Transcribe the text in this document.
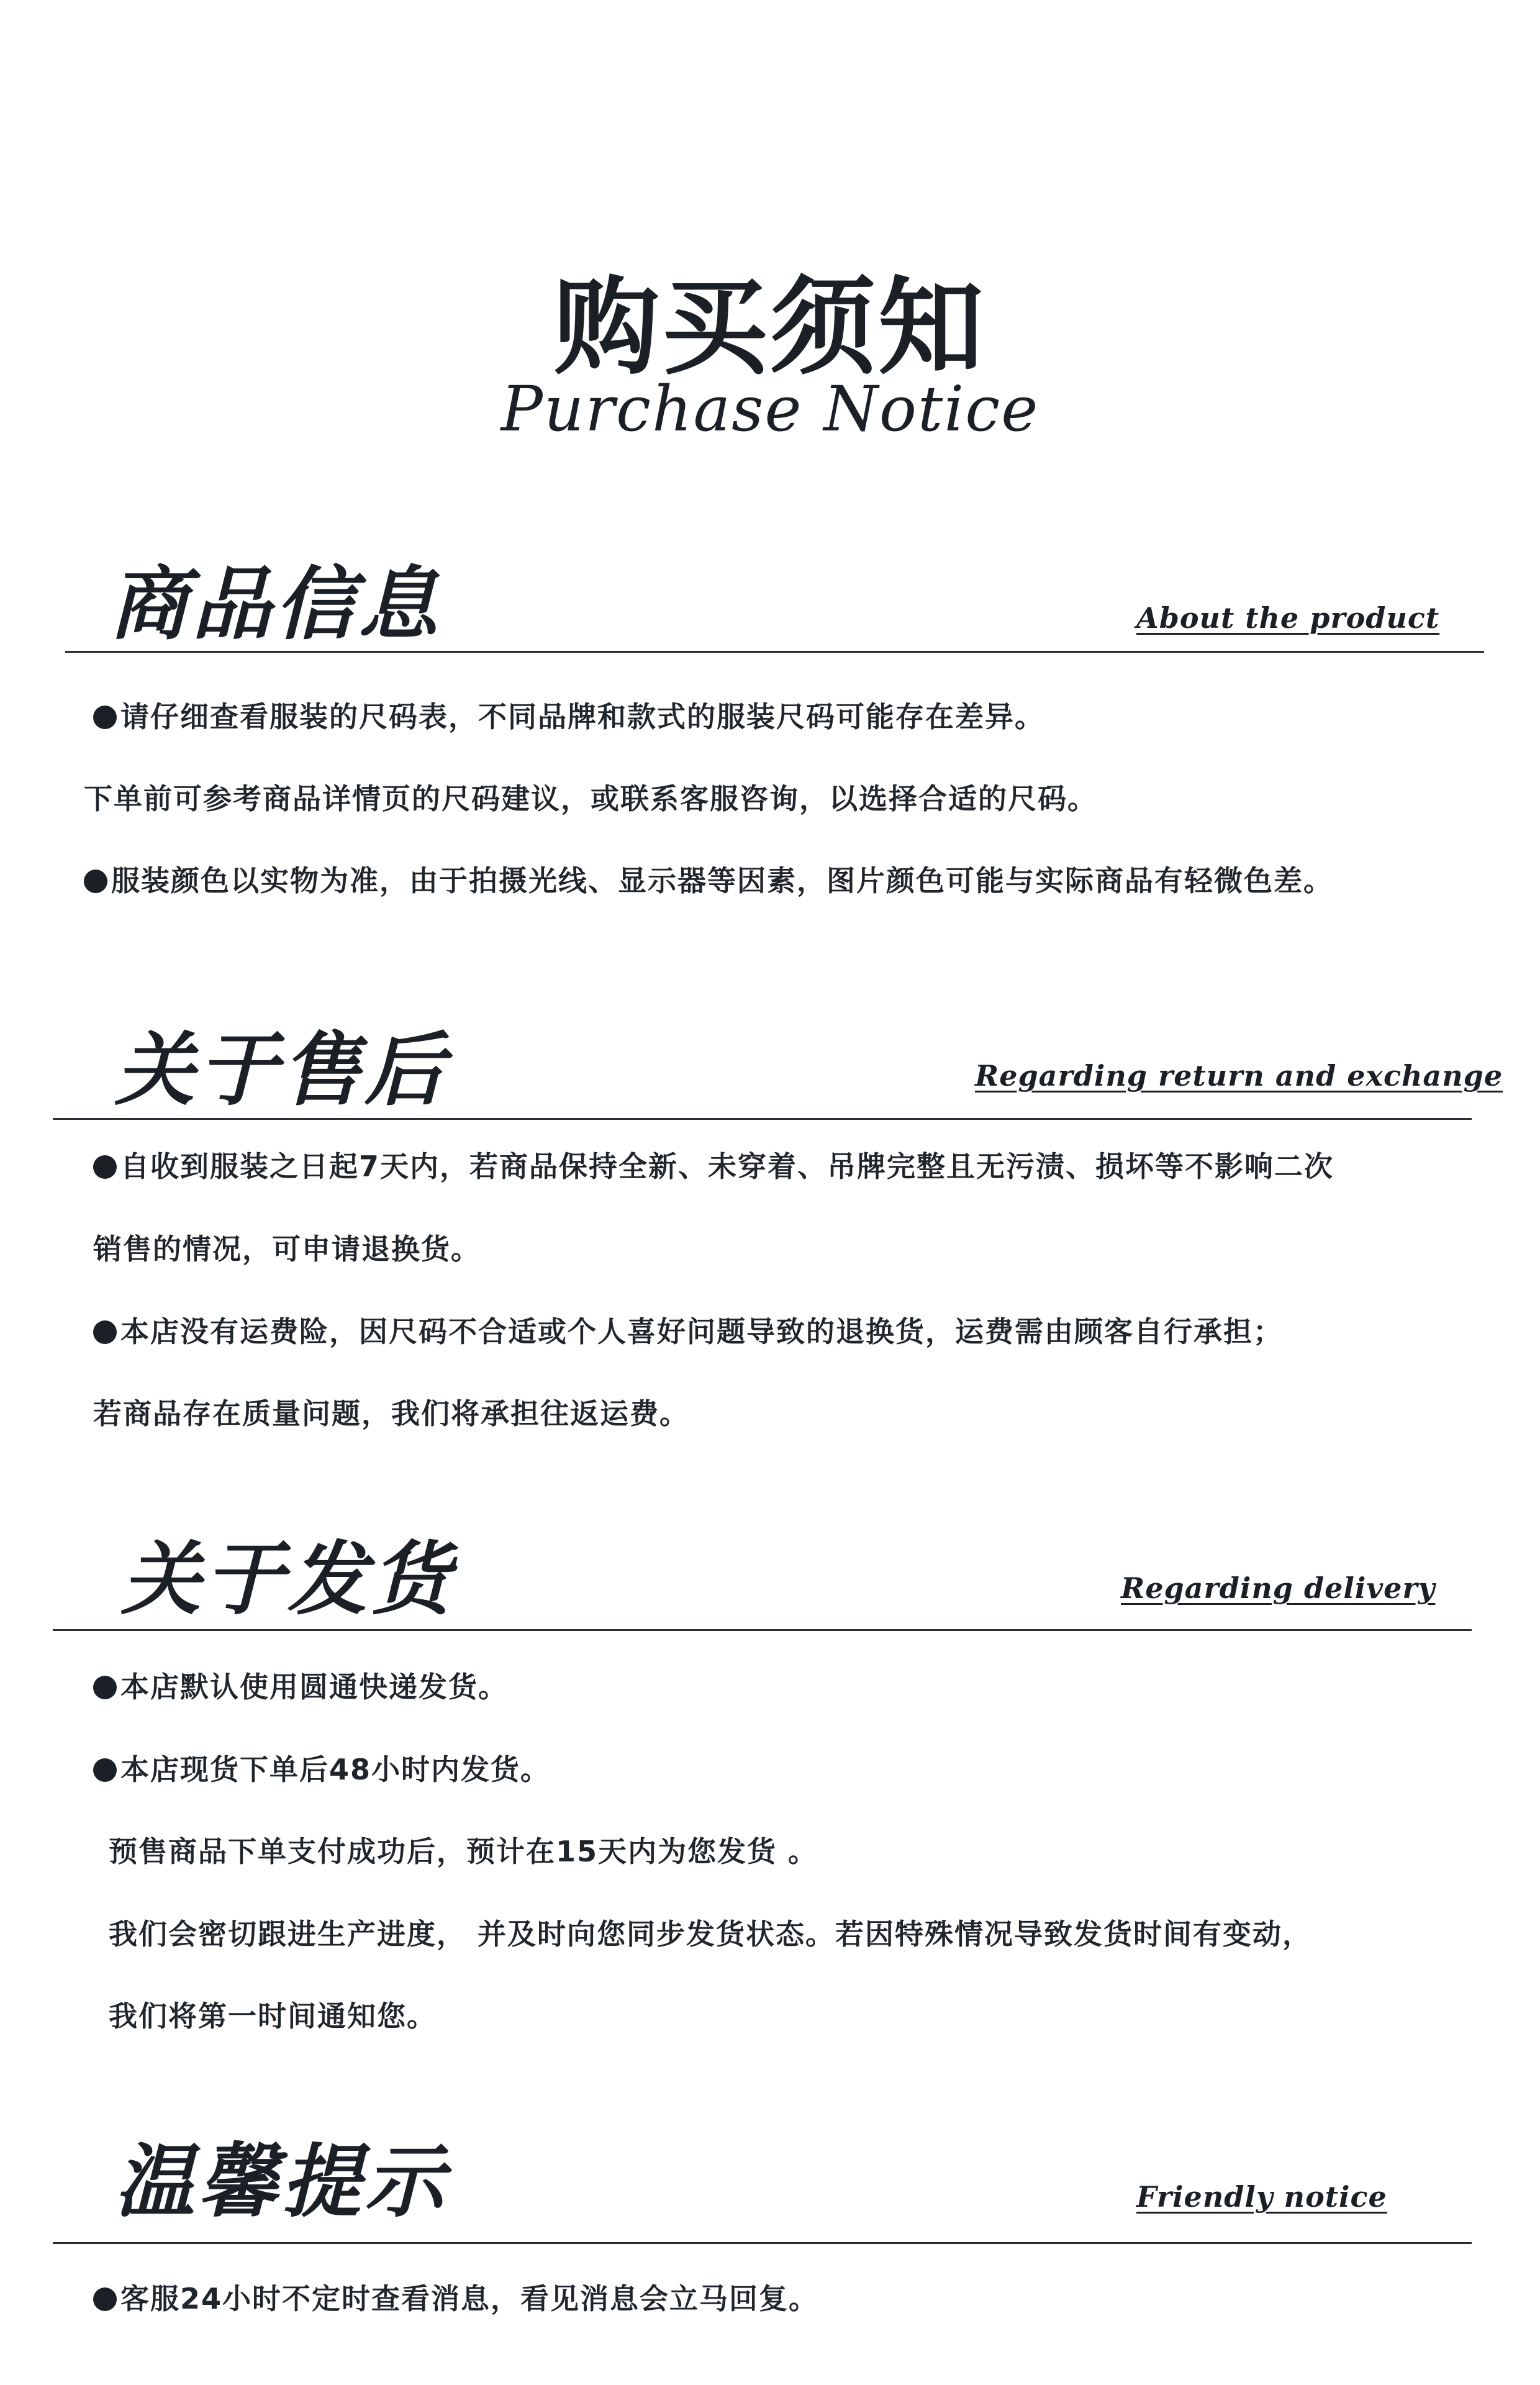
购买须知
Purchase Notice
商品信息	About the product
请仔细查看服装的尺码表，不同品牌和款式的服装尺码可能存在差异。
下单前可参考商品详情页的尺码建议，或联系客服咨询，以选择合适的尺码。
服装颜色以实物为准，由于拍摄光线、显示器等因素，图片颜色可能与实际商品有轻微色差。
关于售后	Regarding return and exchange
自收到服装之日起7天内，若商品保持全新、未穿着、吊牌完整且无污渍、损坏等不影响二次
销售的情况，可申请退换货。
本店没有运费险，因尺码不合适或个人喜好问题导致的退换货，运费需由顾客自行承担；
若商品存在质量问题，我们将承担往返运费。
关于发货	Regarding delivery
本店默认使用圆通快递发货。
本店现货下单后48小时内发货。
预售商品下单支付成功后，预计在15天内为您发货 。
我们会密切跟进生产进度， 并及时向您同步发货状态。若因特殊情况导致发货时间有变动，
我们将第一时间通知您。
温馨提示	Friendly notice
客服24小时不定时查看消息，看见消息会立马回复。
